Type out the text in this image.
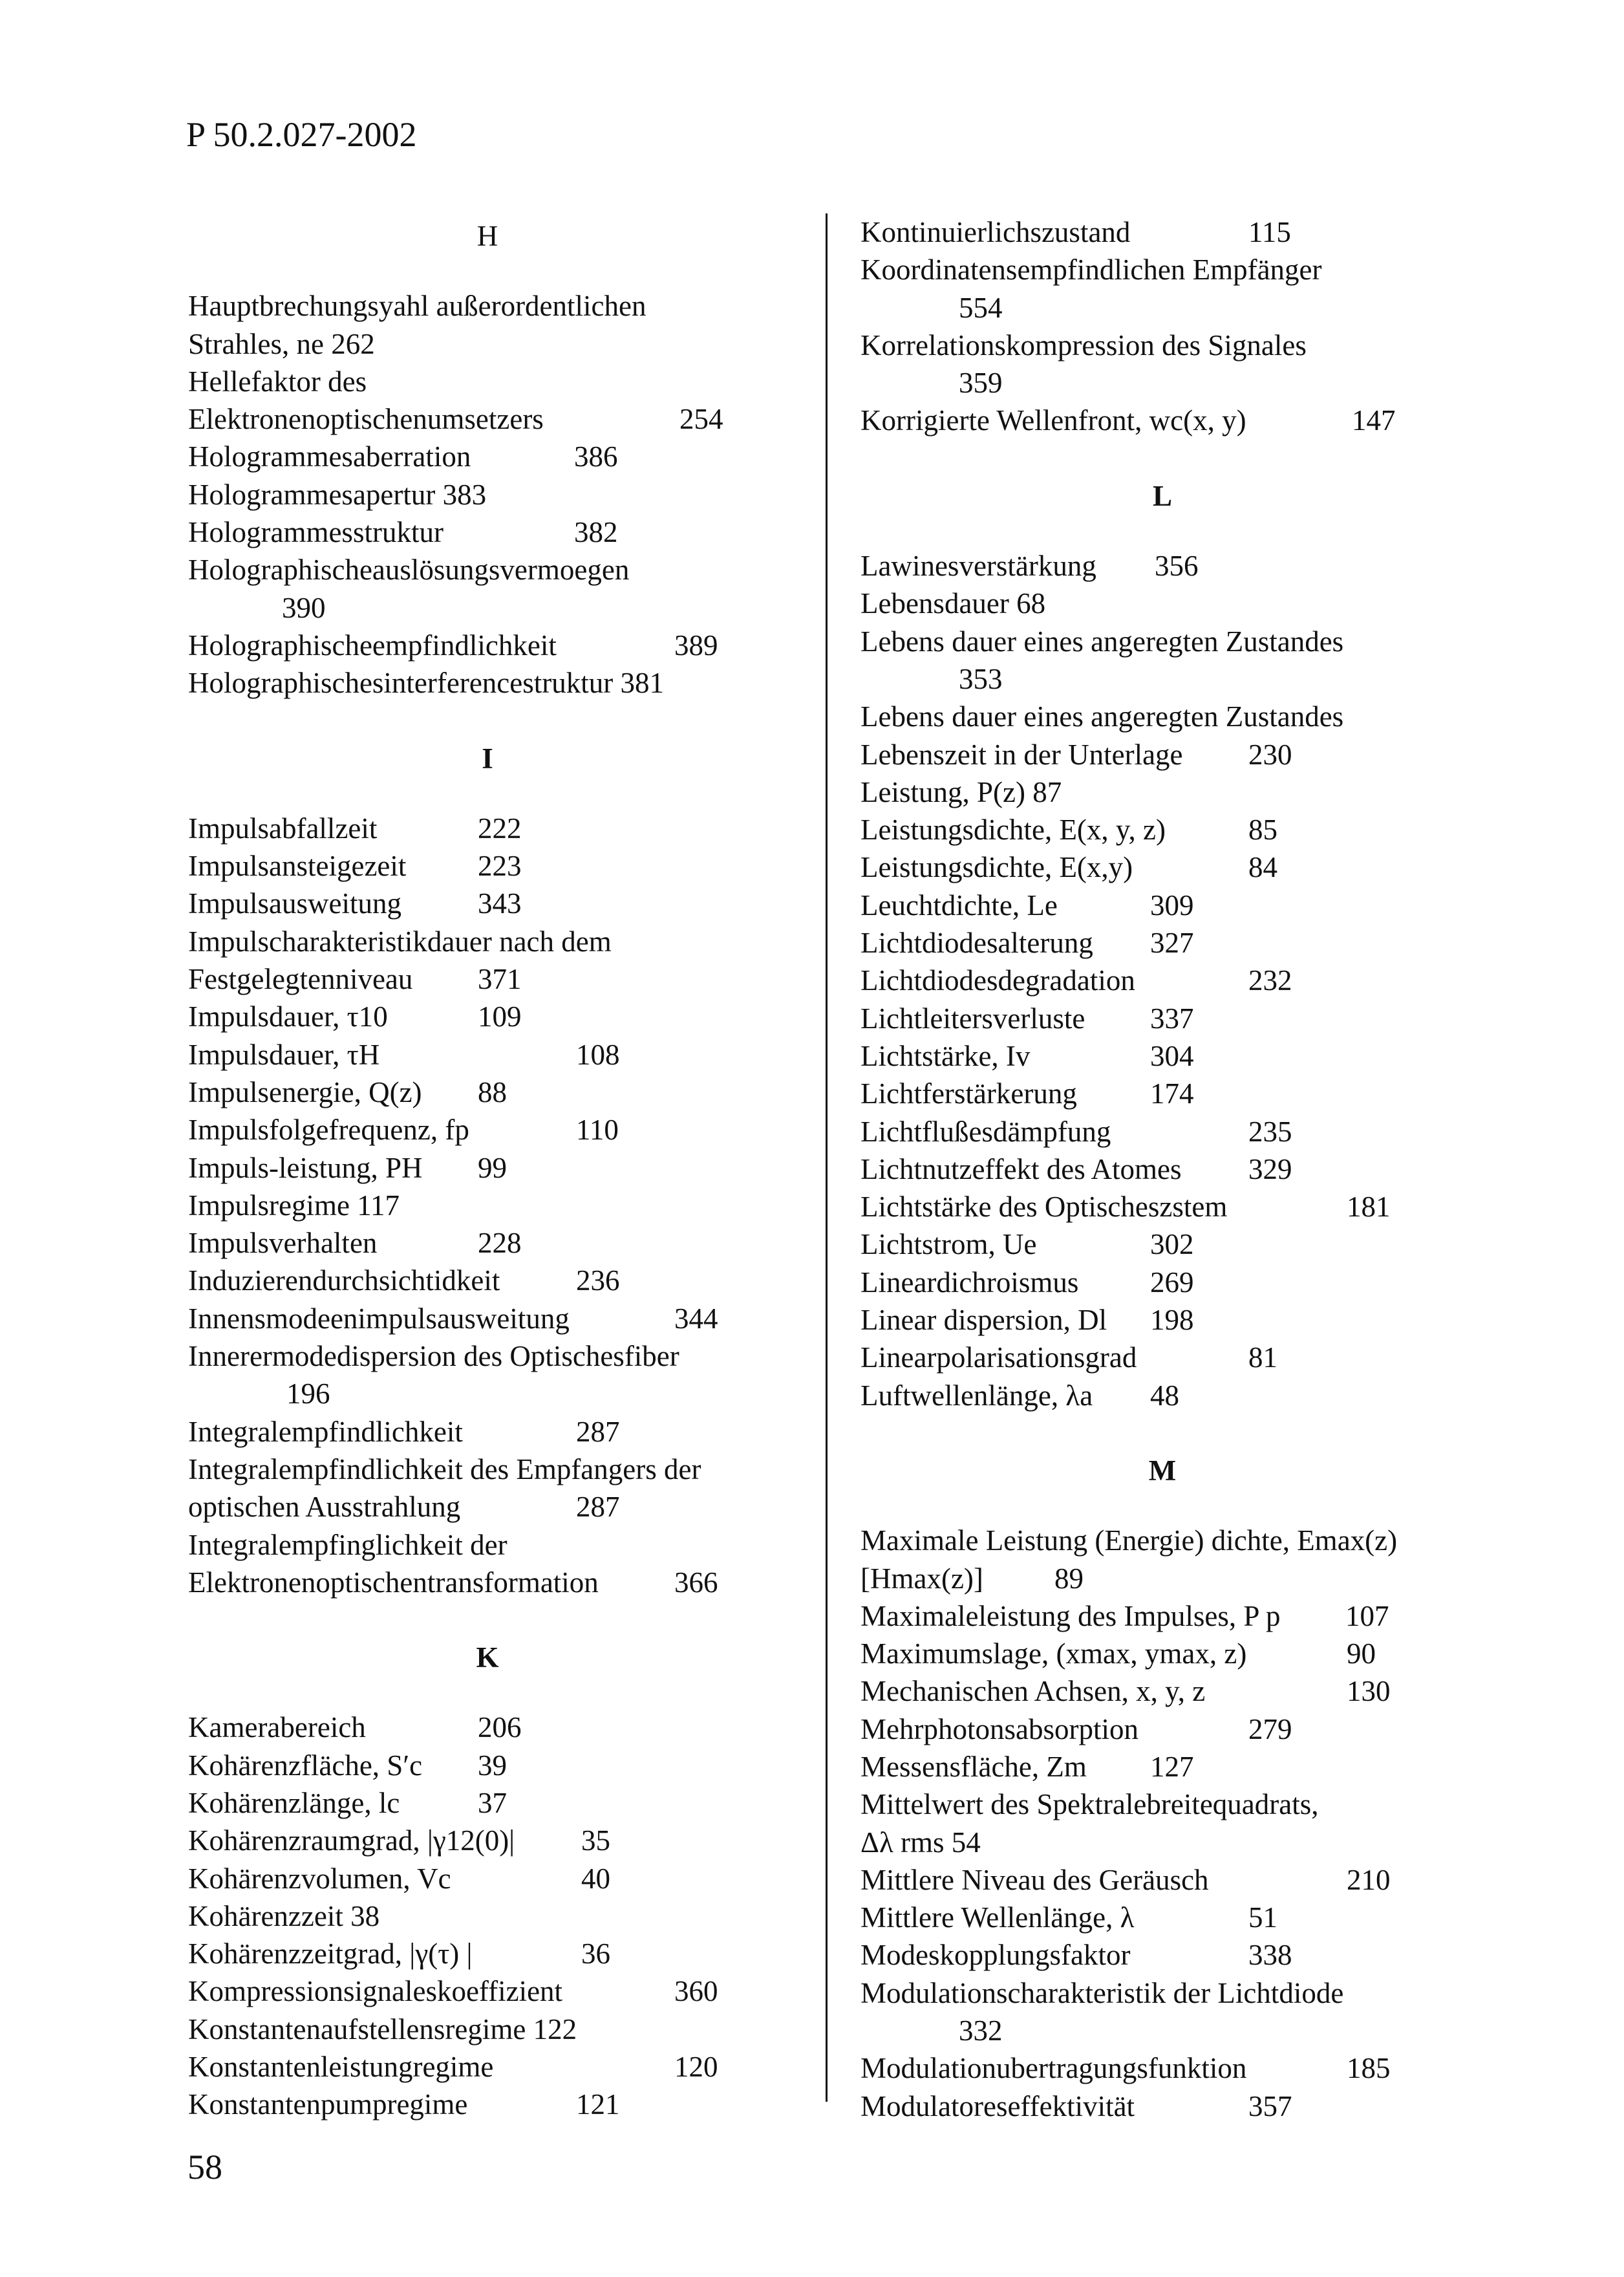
P 50.2.027-2002
H
Hauptbrechungsyahl außerordentlichen
Strahles, ne 262
Hellefaktor des
Elektronenoptischenumsetzers	254
Hologrammesaberration	386
Hologrammesapertur 383
Hologrammesstruktur	382
Holographischeauslösungsvermoegen
390
Holographischeempfindlichkeit	389
Holographischesinterferencestruktur 381
I
Impulsabfallzeit	222
Impulsansteigezeit 223
Impulsausweitung	343
Impulscharakteristikdauer nach dem
Festgelegtenniveau 371
Impulsdauer, τ10	109
Impulsdauer, τH	108
Impulsenergie, Q(z) 88
Impulsfolgefrequenz, fp	110
Impuls-leistung, PH 99
Impulsregime 117
Impulsverhalten	228
Induzierendurchsichtidkeit	236
Innensmodeenimpulsausweitung	344
Innerermodedispersion des Optischesfiber
196
Integralempfindlichkeit	287
Integralempfindlichkeit des Empfangers der
optischen Ausstrahlung	287
Integralempfinglichkeit der
Elektronenoptischentransformation	366
K
Kamerabereich	206
Kohärenzfläche, S′c 39
Kohärenzlänge, lc	37
Kohärenzraumgrad, |γ12(0)| 35
Kohärenzvolumen, Vc	40
Kohärenzzeit 38
Kohärenzzeitgrad, |γ(τ) |	36
Kompressionsignaleskoeffizient	360
Konstantenaufstellensregime 122
Konstantenleistungregime	120
Konstantenpumpregime	121
Kontinuierlichszustand	115
Koordinatensempfindlichen Empfänger
554
Korrelationskompression des Signales
359
Korrigierte Wellenfront, wc(x, y)	147
L
Lawinesverstärkung 356
Lebensdauer 68
Lebens dauer eines angeregten Zustandes
353
Lebens dauer eines angeregten Zustandes
Lebenszeit in der Unterlage 230
Leistung, P(z) 87
Leistungsdichte, E(x, y, z)	85
Leistungsdichte, E(x,y)	84
Leuchtdichte, Le	309
Lichtdiodesalterung 327
Lichtdiodesdegradation	232
Lichtleitersverluste 337
Lichtstärke, Iv	304
Lichtferstärkerung	174
Lichtflußesdämpfung	235
Lichtnutzeffekt des Atomes 329
Lichtstärke des Optischeszstem	181
Lichtstrom, Ue	302
Lineardichroismus 269
Linear dispersion, Dl 198
Linearpolarisationsgrad	81
Luftwellenlänge, λa 48
M
Maximale Leistung (Energie) dichte, Emax(z)
[Hmax(z)] 89
Maximaleleistung des Impulses, P p 107
Maximumslage, (xmax, ymax, z)	90
Mechanischen Achsen, x, y, z	130
Mehrphotonsabsorption	279
Messensfläche, Zm 127
Mittelwert des Spektralebreitequadrats,
Δλ rms 54
Mittlere Niveau des Geräusch	210
Mittlere Wellenlänge, λ	51
Modeskopplungsfaktor	338
Modulationscharakteristik der Lichtdiode
332
Modulationubertragungsfunktion	185
Modulatoreseffektivität	357
58
